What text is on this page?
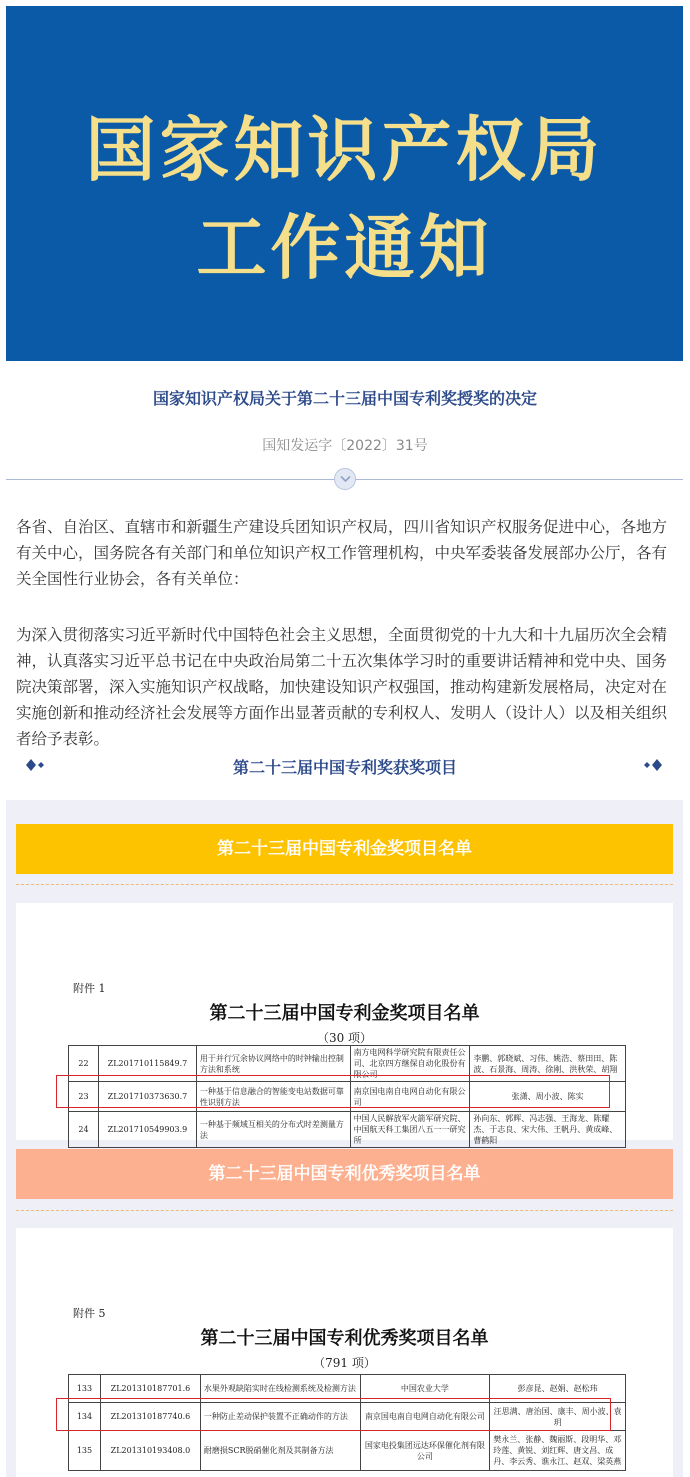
国家知识产权局
工作通知
国家知识产权局关于第二十三届中国专利奖授奖的决定
国知发运字〔2022〕31号
各省、自治区、直辖市和新疆生产建设兵团知识产权局，四川省知识产权服务促进中心，各地方有关中心，国务院各有关部门和单位知识产权工作管理机构，中央军委装备发展部办公厅，各有关全国性行业协会，各有关单位：
为深入贯彻落实习近平新时代中国特色社会主义思想，全面贯彻党的十九大和十九届历次全会精神，认真落实习近平总书记在中央政治局第二十五次集体学习时的重要讲话精神和党中央、国务院决策部署，深入实施知识产权战略，加快建设知识产权强国，推动构建新发展格局，决定对在实施创新和推动经济社会发展等方面作出显著贡献的专利权人、发明人（设计人）以及相关组织者给予表彰。
第二十三届中国专利奖获奖项目
第二十三届中国专利金奖项目名单
附件 1
第二十三届中国专利金奖项目名单
（30 项）
22	ZL201710115849.7	用于并行冗余协议网络中的时钟输出控制方法和系统	南方电网科学研究院有限责任公司、北京四方继保自动化股份有限公司	李鹏、郭晓斌、习伟、姚浩、蔡田田、陈波、石景海、周涛、徐刚、洪秋荣、胡翔
23	ZL201710373630.7	一种基于信息融合的智能变电站数据可靠性识别方法	南京国电南自电网自动化有限公司	张潇、周小波、陈实
24	ZL201710549903.9	一种基于频域互相关的分布式时差测量方法	中国人民解放军火箭军研究院、中国航天科工集团八五一一研究所	孙向东、郭辉、冯志强、王海龙、陈耀杰、于志良、宋大伟、王帆丹、黄成峰、曹鹤阳
第二十三届中国专利优秀奖项目名单
附件 5
第二十三届中国专利优秀奖项目名单
（791 项）
133	ZL201310187701.6	水果外观缺陷实时在线检测系统及检测方法	中国农业大学	彭彦昆、赵娟、赵松玮
134	ZL201310187740.6	一种防止差动保护装置不正确动作的方法	南京国电南自电网自动化有限公司	汪思满、唐治国、康丰、周小波、袁玥
135	ZL201310193408.0	耐磨损SCR脱硝催化剂及其制备方法	国家电投集团远达环保催化剂有限公司	樊永兰、张静、魏丽斯、段明华、邓玲莲、黄锐、刘红辉、唐文昌、成丹、李云秀、谯永江、赵双、梁英燕
